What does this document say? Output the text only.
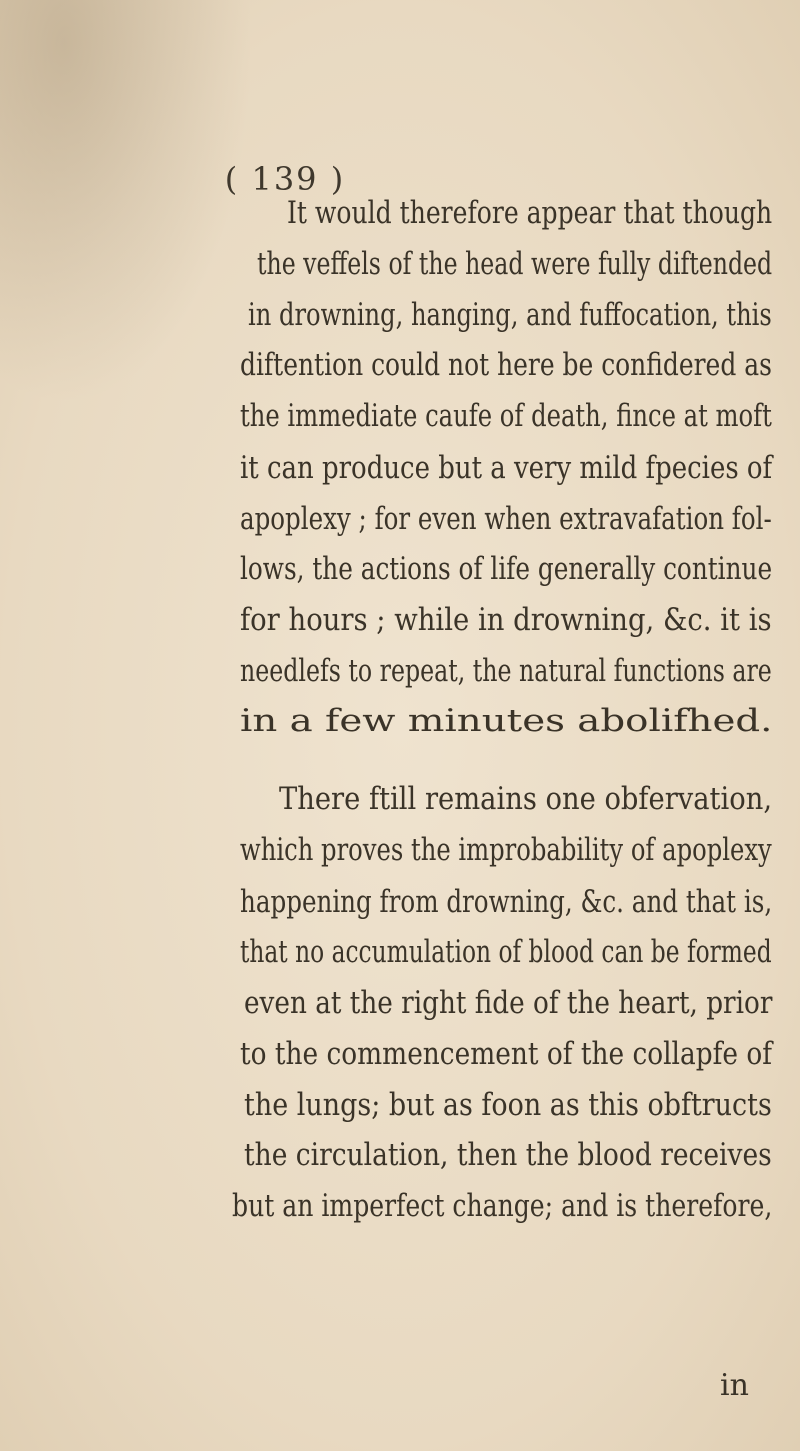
( 139 )
It would therefore appear that though
the veffels of the head were fully diftended
in drowning, hanging, and fuffocation, this
diftention could not here be confidered as
the immediate caufe of death, fince at moft
it can produce but a very mild fpecies of
apoplexy ; for even when extravafation fol-
lows, the actions of life generally continue
for hours ; while in drowning, &c. it is
needlefs to repeat, the natural functions are
in a few minutes abolifhed.
There ftill remains one obfervation,
which proves the improbability of apoplexy
happening from drowning, &c. and that is,
that no accumulation of blood can be formed
even at the right fide of the heart, prior
to the commencement of the collapfe of
the lungs; but as foon as this obftructs
the circulation, then the blood receives
but an imperfect change; and is therefore,
in
